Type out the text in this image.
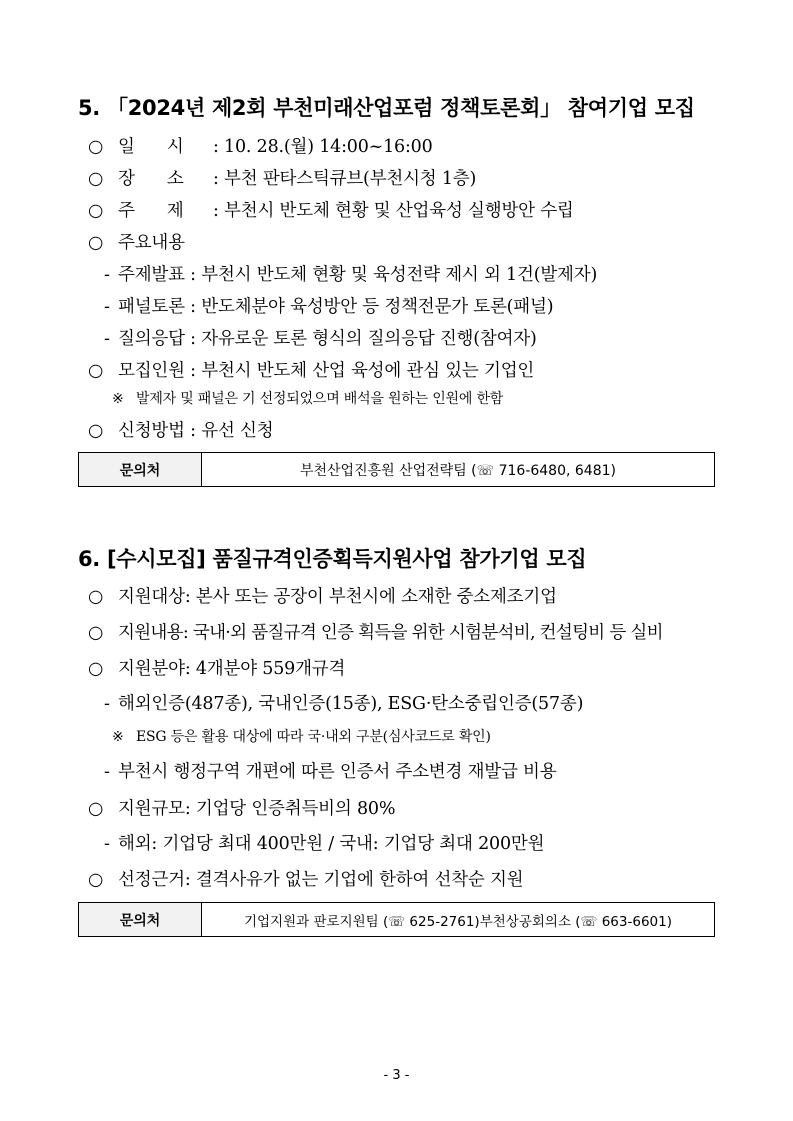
5. 「2024년 제2회 부천미래산업포럼 정책토론회」 참여기업 모집
○ 일      시 : 10. 28.(월) 14:00~16:00
○ 장      소 : 부천 판타스틱큐브(부천시청 1층)
○ 주      제 : 부천시 반도체 현황 및 산업육성 실행방안 수립
○ 주요내용
- 주제발표 : 부천시 반도체 현황 및 육성전략 제시 외 1건(발제자)
- 패널토론 : 반도체분야 육성방안 등 정책전문가 토론(패널)
- 질의응답 : 자유로운 토론 형식의 질의응답 진행(참여자)
○ 모집인원 : 부천시 반도체 산업 육성에 관심 있는 기업인
※ 발제자 및 패널은 기 선정되었으며 배석을 원하는 인원에 한함
○ 신청방법 : 유선 신청
문의처	부천산업진흥원 산업전략팀 (☏ 716-6480, 6481)
6. [수시모집] 품질규격인증획득지원사업 참가기업 모집
○ 지원대상: 본사 또는 공장이 부천시에 소재한 중소제조기업
○ 지원내용: 국내·외 품질규격 인증 획득을 위한 시험분석비, 컨설팅비 등 실비
○ 지원분야: 4개분야 559개규격
- 해외인증(487종), 국내인증(15종), ESG·탄소중립인증(57종)
※ ESG 등은 활용 대상에 따라 국·내외 구분(심사코드로 확인)
- 부천시 행정구역 개편에 따른 인증서 주소변경 재발급 비용
○ 지원규모: 기업당 인증취득비의 80%
- 해외: 기업당 최대 400만원 / 국내: 기업당 최대 200만원
○ 선정근거: 결격사유가 없는 기업에 한하여 선착순 지원
문의처	기업지원과 판로지원팀 (☏ 625-2761)부천상공회의소 (☏ 663-6601)
- 3 -
